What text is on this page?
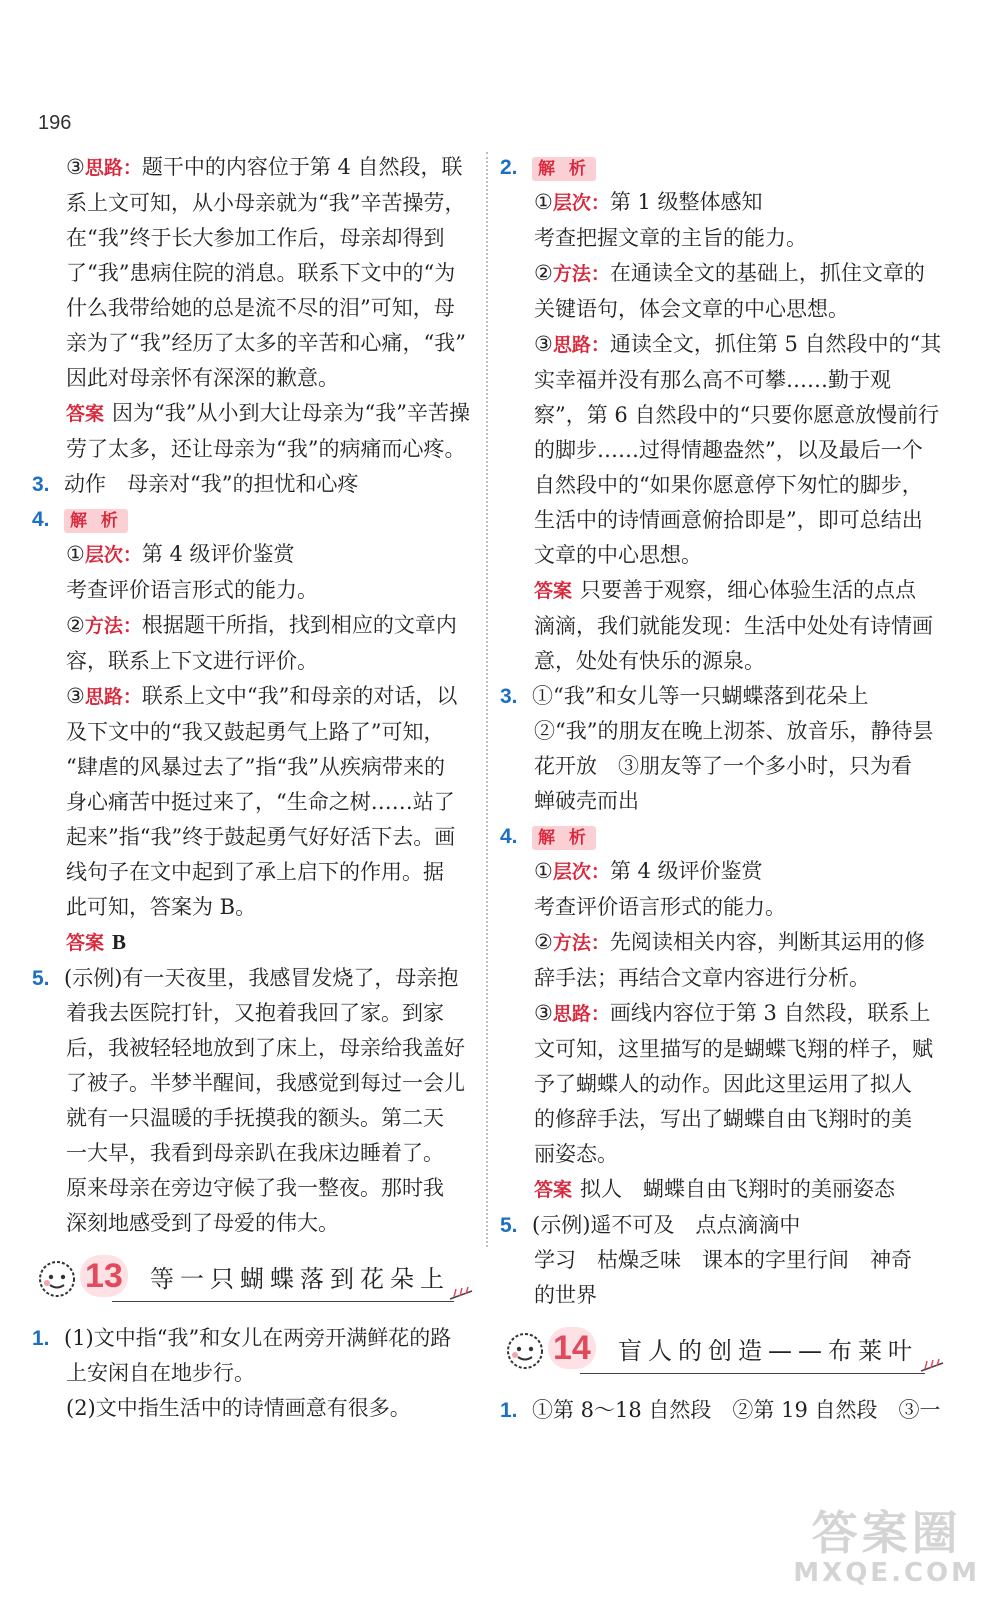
196
③思路：题干中的内容位于第 4 自然段，联
系上文可知，从小母亲就为“我”辛苦操劳，
在“我”终于长大参加工作后，母亲却得到
了“我”患病住院的消息。联系下文中的“为
什么我带给她的总是流不尽的泪”可知，母
亲为了“我”经历了太多的辛苦和心痛，“我”
因此对母亲怀有深深的歉意。
答案 因为“我”从小到大让母亲为“我”辛苦操
劳了太多，还让母亲为“我”的病痛而心疼。
3. 动作　母亲对“我”的担忧和心疼
4. 解 析
①层次：第 4 级评价鉴赏
考查评价语言形式的能力。
②方法：根据题干所指，找到相应的文章内
容，联系上下文进行评价。
③思路：联系上文中“我”和母亲的对话，以
及下文中的“我又鼓起勇气上路了”可知，
“肆虐的风暴过去了”指“我”从疾病带来的
身心痛苦中挺过来了，“生命之树……站了
起来”指“我”终于鼓起勇气好好活下去。画
线句子在文中起到了承上启下的作用。据
此可知，答案为 B。
答案 B
5. (示例)有一天夜里，我感冒发烧了，母亲抱
着我去医院打针，又抱着我回了家。到家
后，我被轻轻地放到了床上，母亲给我盖好
了被子。半梦半醒间，我感觉到每过一会儿
就有一只温暖的手抚摸我的额头。第二天
一大早，我看到母亲趴在我床边睡着了。
原来母亲在旁边守候了我一整夜。那时我
深刻地感受到了母爱的伟大。
13 等一只蝴蝶落到花朵上
1. (1)文中指“我”和女儿在两旁开满鲜花的路
上安闲自在地步行。
(2)文中指生活中的诗情画意有很多。
2. 解 析
①层次：第 1 级整体感知
考查把握文章的主旨的能力。
②方法：在通读全文的基础上，抓住文章的
关键语句，体会文章的中心思想。
③思路：通读全文，抓住第 5 自然段中的“其
实幸福并没有那么高不可攀……勤于观
察”，第 6 自然段中的“只要你愿意放慢前行
的脚步……过得情趣盎然”，以及最后一个
自然段中的“如果你愿意停下匆忙的脚步，
生活中的诗情画意俯拾即是”，即可总结出
文章的中心思想。
答案 只要善于观察，细心体验生活的点点
滴滴，我们就能发现：生活中处处有诗情画
意，处处有快乐的源泉。
3. ①“我”和女儿等一只蝴蝶落到花朵上
②“我”的朋友在晚上沏茶、放音乐，静待昙
花开放　③朋友等了一个多小时，只为看
蝉破壳而出
4. 解 析
①层次：第 4 级评价鉴赏
考查评价语言形式的能力。
②方法：先阅读相关内容，判断其运用的修
辞手法；再结合文章内容进行分析。
③思路：画线内容位于第 3 自然段，联系上
文可知，这里描写的是蝴蝶飞翔的样子，赋
予了蝴蝶人的动作。因此这里运用了拟人
的修辞手法，写出了蝴蝶自由飞翔时的美
丽姿态。
答案 拟人　蝴蝶自由飞翔时的美丽姿态
5. (示例)遥不可及　点点滴滴中
学习　枯燥乏味　课本的字里行间　神奇
的世界
14 盲人的创造——布莱叶
1. ①第 8～18 自然段　②第 19 自然段　③一
答案圈
MXQE.COM
